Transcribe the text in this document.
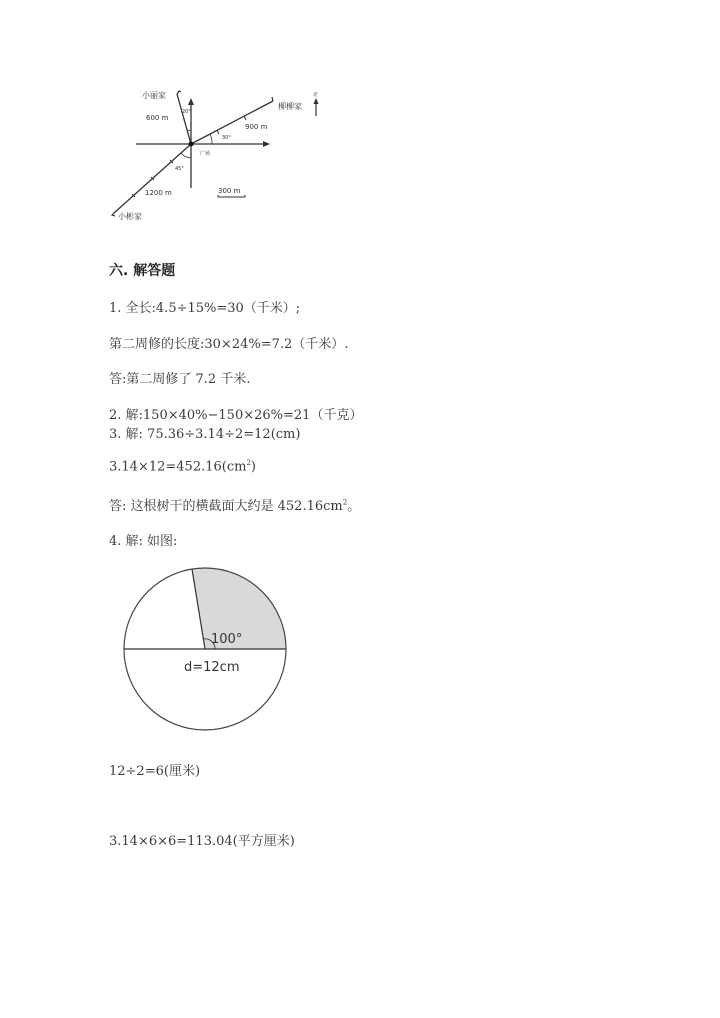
小丽家
600 m
20°
柳柳家
900 m
30°
广场
45°
1200 m
小彬家
300 m
北
六. 解答题
1. 全长:4.5÷15%=30（千米）;
第二周修的长度:30×24%=7.2（千米）.
答:第二周修了 7.2 千米.
2. 解:150×40%−150×26%=21（千克）
3. 解: 75.36÷3.14÷2=12(cm)
$3.14\times 12=452.16(cm^2)$
答: 这根树干的横截面大约是 $452.16cm^2$。
4. 解: 如图:
100°
d=12cm
12÷2=6(厘米)
3.14×6×6=113.04(平方厘米)
